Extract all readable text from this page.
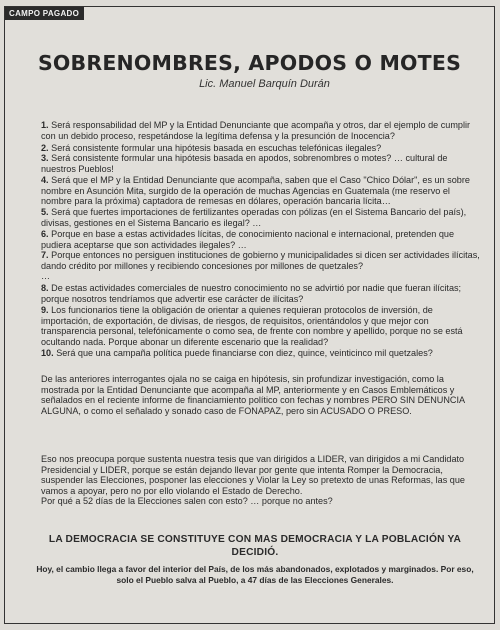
CAMPO PAGADO
SOBRENOMBRES, APODOS O MOTES
Lic. Manuel Barquín Durán
1. Será responsabilidad del MP y la Entidad Denunciante que acompaña y otros, dar el ejemplo de cumplir con un debido proceso, respetándose la legítima defensa y la presunción de Inocencia?
2. Será consistente formular una hipótesis basada en escuchas telefónicas ilegales?
3. Será consistente formular una hipótesis basada en apodos, sobrenombres o motes? … cultural de nuestros Pueblos!
4. Será que el MP y la Entidad Denunciante que acompaña, saben que el Caso "Chico Dólar", es un sobre nombre en Asunción Mita, surgido de la operación de muchas Agencias en Guatemala (me reservo el nombre para la próxima) captadora de remesas en dólares, operación bancaria lícita…
5. Será que fuertes importaciones de fertilizantes operadas con pólizas (en el Sistema Bancario del país), divisas, gestiones en el Sistema Bancario es ilegal? …
6. Porque en base a estas actividades lícitas, de conocimiento nacional e internacional, pretenden que pudiera aceptarse que son actividades ilegales? …
7. Porque entonces no persiguen instituciones de gobierno y municipalidades si dicen ser actividades ilícitas, dando crédito por millones y recibiendo concesiones por millones de quetzales?
…
8. De estas actividades comerciales de nuestro conocimiento no se advirtió por nadie que fueran ilícitas; porque nosotros tendríamos que advertir ese carácter de ilícitas?
9. Los funcionarios tiene la obligación de orientar a quienes requieran protocolos de inversión, de importación, de exportación, de divisas, de riesgos, de requisitos, orientándolos y que mejor con transparencia personal, telefónicamente o como sea, de frente con nombre y apellido, porque no se está ocultando nada. Porque abonar un diferente escenario que la realidad?
10. Será que una campaña política puede financiarse con diez, quince, veinticinco mil quetzales?
De las anteriores interrogantes ojala no se caiga en hipótesis, sin profundizar investigación, como la mostrada por la Entidad Denunciante que acompaña al MP, anteriormente y en Casos Emblemáticos y señalados en el reciente informe de financiamiento político con fechas y nombres PERO SIN DENUNCIA ALGUNA, o como el señalado y sonado caso de FONAPAZ, pero sin ACUSADO O PRESO.
Eso nos preocupa porque sustenta nuestra tesis que van dirigidos a LIDER, van dirigidos a mi Candidato Presidencial y LIDER, porque se están dejando llevar por gente que intenta Romper la Democracia, suspender las Elecciones, posponer las elecciones y Violar la Ley so pretexto de unas Reformas, las que vamos a apoyar, pero no por ello violando el Estado de Derecho.
Por qué a 52 días de la Elecciones salen con esto? … porque no antes?
LA DEMOCRACIA SE CONSTITUYE CON MAS DEMOCRACIA Y LA POBLACIÓN YA DECIDIÓ.
Hoy, el cambio llega a favor del interior del País, de los más abandonados, explotados y marginados. Por eso, solo el Pueblo salva al Pueblo, a 47 días de las Elecciones Generales.
